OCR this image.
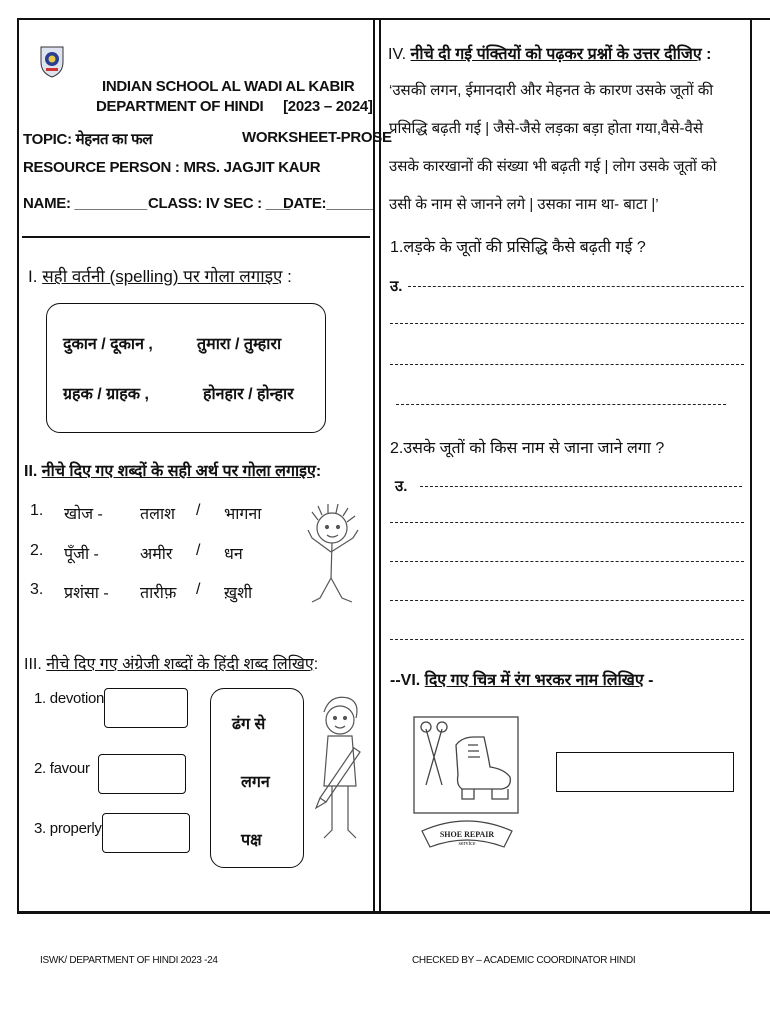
INDIAN SCHOOL AL WADI AL KABIR
DEPARTMENT OF HINDI [2023 – 2024]
TOPIC: मेहनत का फल	WORKSHEET-PROSE
RESOURCE PERSON : MRS. JAGJIT KAUR
NAME: _________ CLASS: IV SEC : ___
DATE:______
I. सही वर्तनी (spelling) पर गोला लगाइए :
दुकान / दूकान ,	तुमारा / तुम्हारा
ग्रहक / ग्राहक ,	होनहार / होन्हार
II. नीचे दिए गए शब्दों के सही अर्थ पर गोला लगाइए:
1. खोज - तलाश / भागना
2. पूँजी -	अमीर / धन
3. प्रशंसा - तारीफ़ / ख़ुशी
III. नीचे दिए गए अंग्रेजी शब्दों के हिंदी शब्द लिखिए:
1. devotion
2. favour
3. properly
ढंग से
लगन
पक्ष
IV. नीचे दी गई पंक्तियों को पढ़कर प्रश्नों के उत्तर दीजिए :
‘उसकी लगन, ईमानदारी और मेहनत के कारण उसके जूतों की
प्रसिद्धि बढ़ती गई | जैसे-जैसे लड़का बड़ा होता गया,वैसे-वैसे
उसके कारखानों की संख्या भी बढ़ती गई | लोग उसके जूतों को
उसी के नाम से जानने लगे | उसका नाम था- बाटा |’
1.लड़के के जूतों की प्रसिद्धि कैसे बढ़ती गई ?
उ.
2.उसके जूतों को किस नाम से जाना जाने लगा ?
उ.
--VI. दिए गए चित्र में रंग भरकर नाम लिखिए -
SHOE REPAIR
service
ISWK/ DEPARTMENT OF HINDI 2023 -24	CHECKED BY – ACADEMIC COORDINATOR HINDI
